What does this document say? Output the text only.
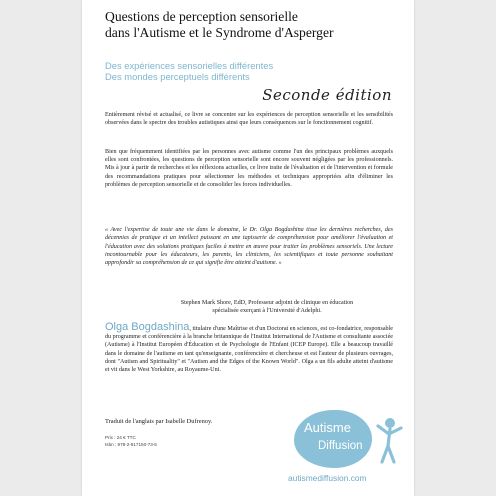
Questions de perception sensorielle
dans l'Autisme et le Syndrome d'Asperger
Des expériences sensorielles différentes
Des mondes perceptuels différents
Seconde édition
Entièrement révisé et actualisé, ce livre se concentre sur les expériences de perception sensorielle et les sensibilités observées dans le spectre des troubles autistiques ainsi que leurs conséquences sur le fonctionnement cognitif.
Bien que fréquemment identifiées par les personnes avec autisme comme l'un des principaux problèmes auxquels elles sont confrontées, les questions de perception sensorielle sont encore souvent négligées par les professionnels. Mis à jour à partir de recherches et les réflexions actuelles, ce livre traite de l'évaluation et de l'intervention et formule des recommandations pratiques pour sélectionner les méthodes et techniques appropriées afin d'éliminer les problèmes de perception sensorielle et de consolider les forces individuelles.
« Avec l'expertise de toute une vie dans le domaine, le Dr. Olga Bogdashina tisse les dernières recherches, des décennies de pratique et un intellect puissant en une tapisserie de compréhension pour améliorer l'évaluation et l'éducation avec des solutions pratiques faciles à mettre en œuvre pour traiter les problèmes sensoriels. Une lecture incontournable pour les éducateurs, les parents, les cliniciens, les scientifiques et toute personne souhaitant approfondir sa compréhension de ce qui signifie être atteint d'autisme. »
Stephen Mark Shore, EdD, Professeur adjoint de clinique en éducation
spécialisée exerçant à l'Université d'Adelphi.
Olga Bogdashina, titulaire d'une Maîtrise et d'un Doctorat en sciences, est co-fondatrice, responsable du programme et conférencière à la branche britannique de l'Institut International de l'Autisme et consultante associée (Autisme) à l'Institut Européen d'Éducation et de Psychologie de l'Enfant (ICEP Europe). Elle a beaucoup travaillé dans le domaine de l'autisme en tant qu'enseignante, conférencière et chercheuse et est l'auteur de plusieurs ouvrages, dont "Autism and Spirituality" et "Autism and the Edges of the Known World". Olga a un fils adulte atteint d'autisme et vit dans le West Yorkshire, au Royaume-Uni.
Traduit de l'anglais par Isabelle Dufrenoy.
Prix : 24 € TTC
Isbn : 978-2-917150-73-5
Autisme
Diffusion
autismediffusion.com
